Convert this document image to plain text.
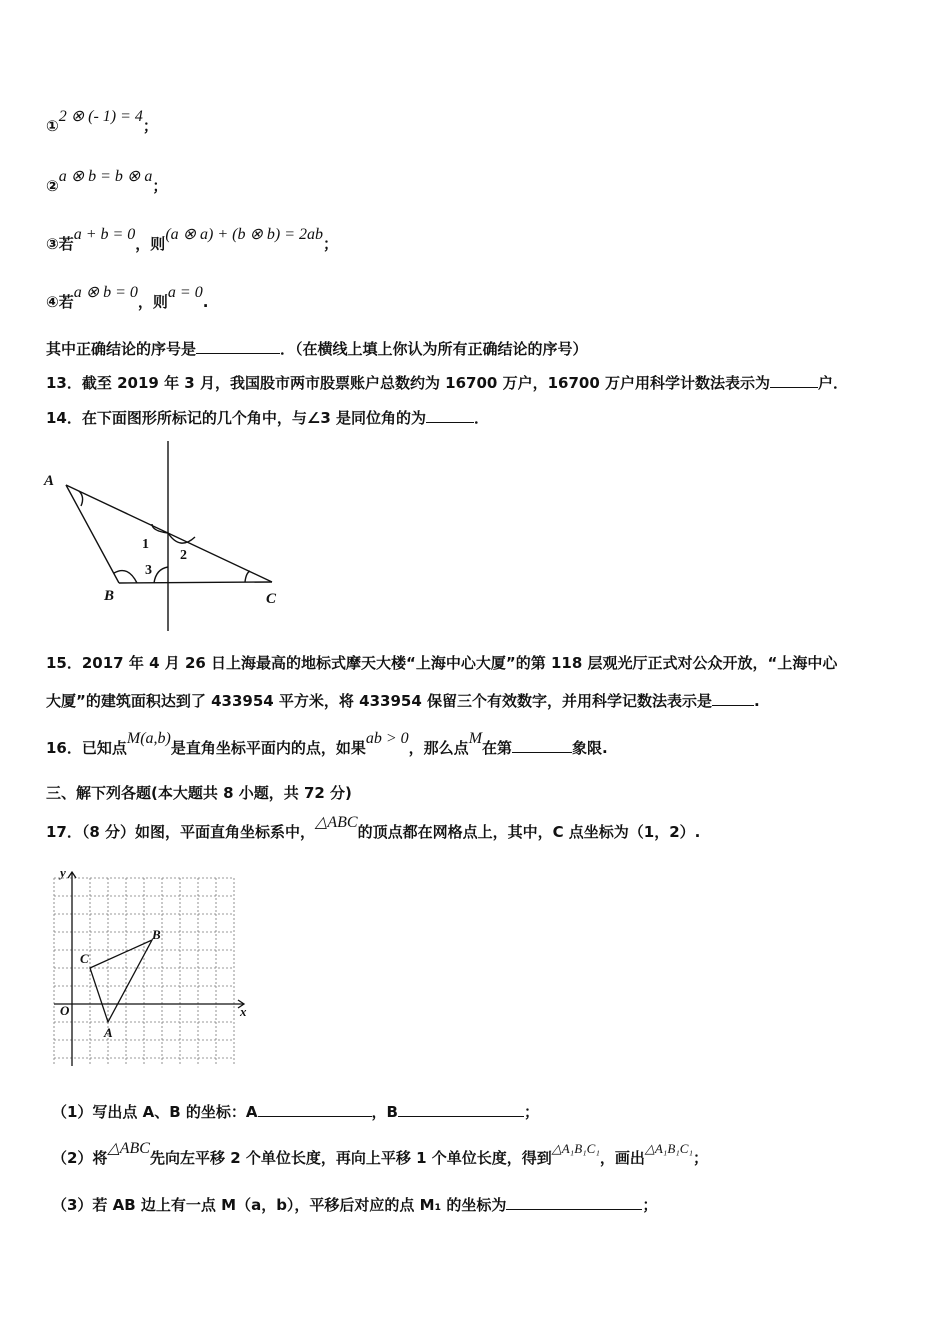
①2 ⊗ (- 1) = 4；
②a ⊗ b = b ⊗ a；
③若a + b = 0，则(a ⊗ a) + (b ⊗ b) = 2ab；
④若a ⊗ b = 0，则a = 0.
其中正确结论的序号是	．（在横线上填上你认为所有正确结论的序号）
13．截至 2019 年 3 月，我国股市两市股票账户总数约为 16700 万户，16700 万户用科学计数法表示为	户．
14．在下面图形所标记的几个角中，与∠3 是同位角的为	．
A
B	C
1
2
3
15．2017 年 4 月 26 日上海最高的地标式摩天大楼“上海中心大厦”的第 118 层观光厅正式对公众开放，“上海中心
大厦”的建筑面积达到了 433954 平方米，将 433954 保留三个有效数字，并用科学记数法表示是	.
16．已知点M(a,b)是直角坐标平面内的点，如果ab > 0，那么点M在第	象限.
三、解下列各题(本大题共 8 小题，共 72 分)
17．（8 分）如图，平面直角坐标系中，△ABC的顶点都在网格点上，其中，C 点坐标为（1，2）.
y
x
O
A
B
C
（1）写出点 A、B 的坐标：A	，B	；
（2）将△ABC先向左平移 2 个单位长度，再向上平移 1 个单位长度，得到△A₁B₁C₁，画出△A₁B₁C₁；
（3）若 AB 边上有一点 M（a，b），平移后对应的点 M₁ 的坐标为	；
